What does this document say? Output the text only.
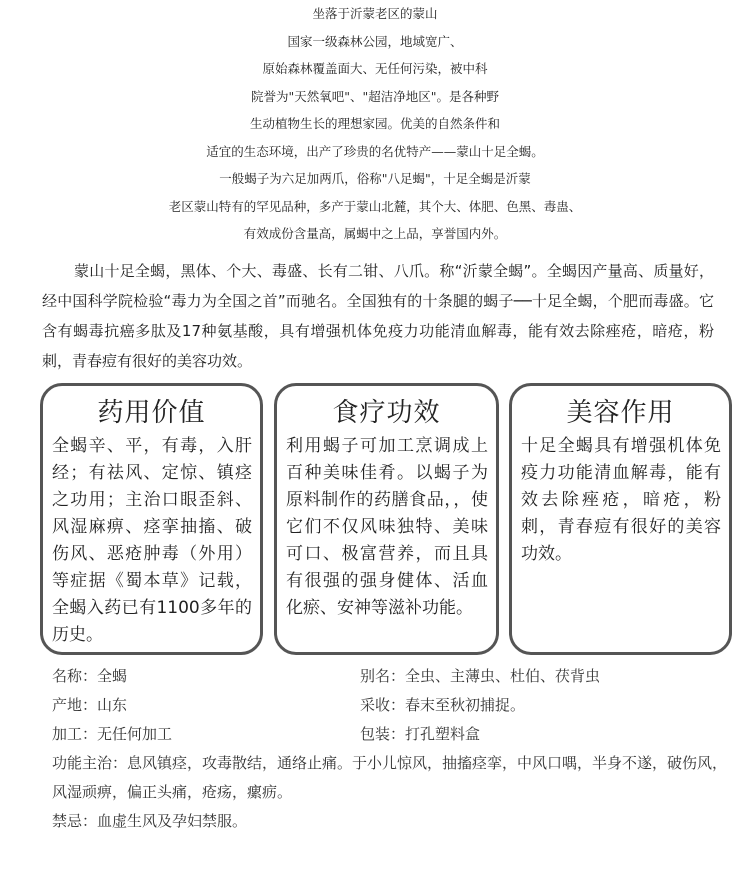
坐落于沂蒙老区的蒙山
国家一级森林公园，地域宽广、
原始森林覆盖面大、无任何污染，被中科
院誉为"天然氧吧"、"超洁净地区"。是各种野
生动植物生长的理想家园。优美的自然条件和
适宜的生态环境，出产了珍贵的名优特产——蒙山十足全蝎。
一般蝎子为六足加两爪，俗称"八足蝎"，十足全蝎是沂蒙
老区蒙山特有的罕见品种，多产于蒙山北麓，其个大、体肥、色黑、毒蛊、
有效成份含量高，属蝎中之上品，享誉国内外。

蒙山十足全蝎，黑体、个大、毒盛、长有二钳、八爪。称“沂蒙全蝎”。全蝎因产量高、质量好，经中国科学院检验“毒力为全国之首”而驰名。全国独有的十条腿的蝎子──十足全蝎，个肥而毒盛。它含有蝎毒抗癌多肽及17种氨基酸，具有增强机体免疫力功能清血解毒，能有效去除痤疮，暗疮，粉刺，青春痘有很好的美容功效。

药用价值

全蝎辛、平，有毒，入肝经；有祛风、定惊、镇痉之功用；主治口眼歪斜、风湿麻痹、痉挛抽搐、破伤风、恶疮肿毒（外用）等症据《蜀本草》记载，全蝎入药已有1100多年的历史。

食疗功效

利用蝎子可加工烹调成上百种美味佳肴。以蝎子为原料制作的药膳食品，，使它们不仅风味独特、美味可口、极富营养，而且具有很强的强身健体、活血化瘀、安神等滋补功能。

美容作用

十足全蝎具有增强机体免疫力功能清血解毒，能有效去除痤疮，暗疮，粉刺，青春痘有很好的美容功效。

名称：全蝎	别名：全虫、主薄虫、杜伯、茯背虫
产地：山东	采收：春末至秋初捕捉。
加工：无任何加工	包装：打孔塑料盒

功能主治：息风镇痉，攻毒散结，通络止痛。于小儿惊风，抽搐痉挛，中风口喁，半身不遂，破伤风，风湿顽痹，偏正头痛，疮疡，瘰疬。

禁忌：血虚生风及孕妇禁服。
